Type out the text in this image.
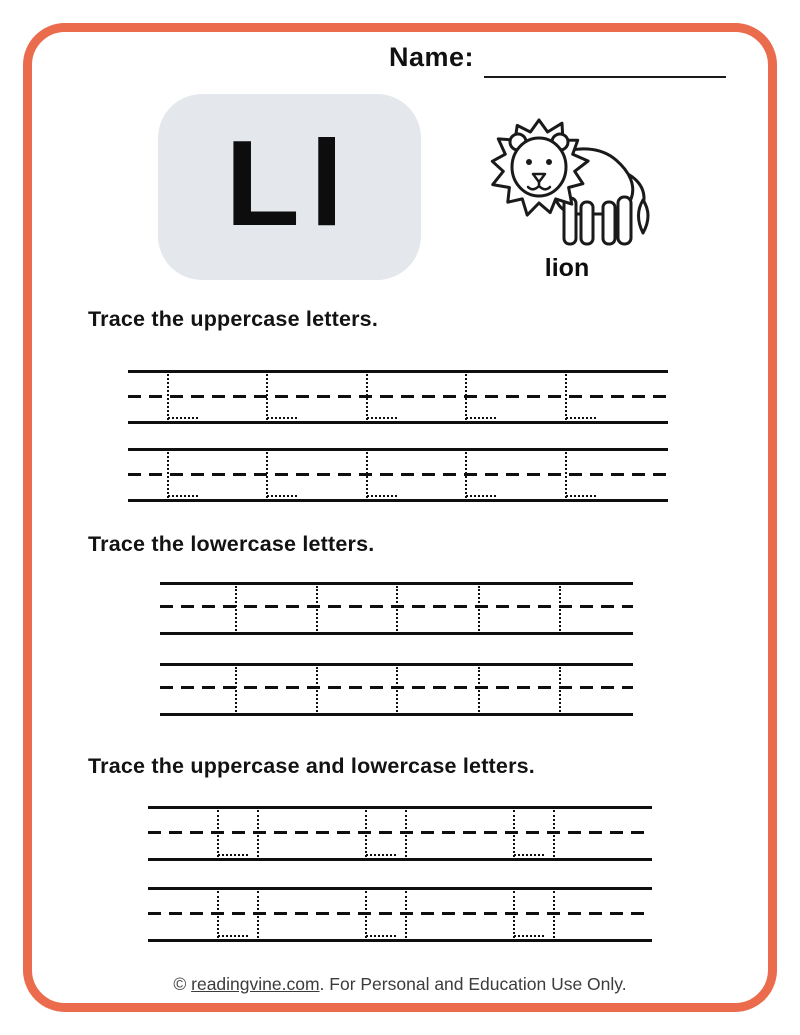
Name:
Ll
lion
Trace the uppercase letters.
Trace the lowercase letters.
Trace the uppercase and lowercase letters.
© readingvine.com. For Personal and Education Use Only.
